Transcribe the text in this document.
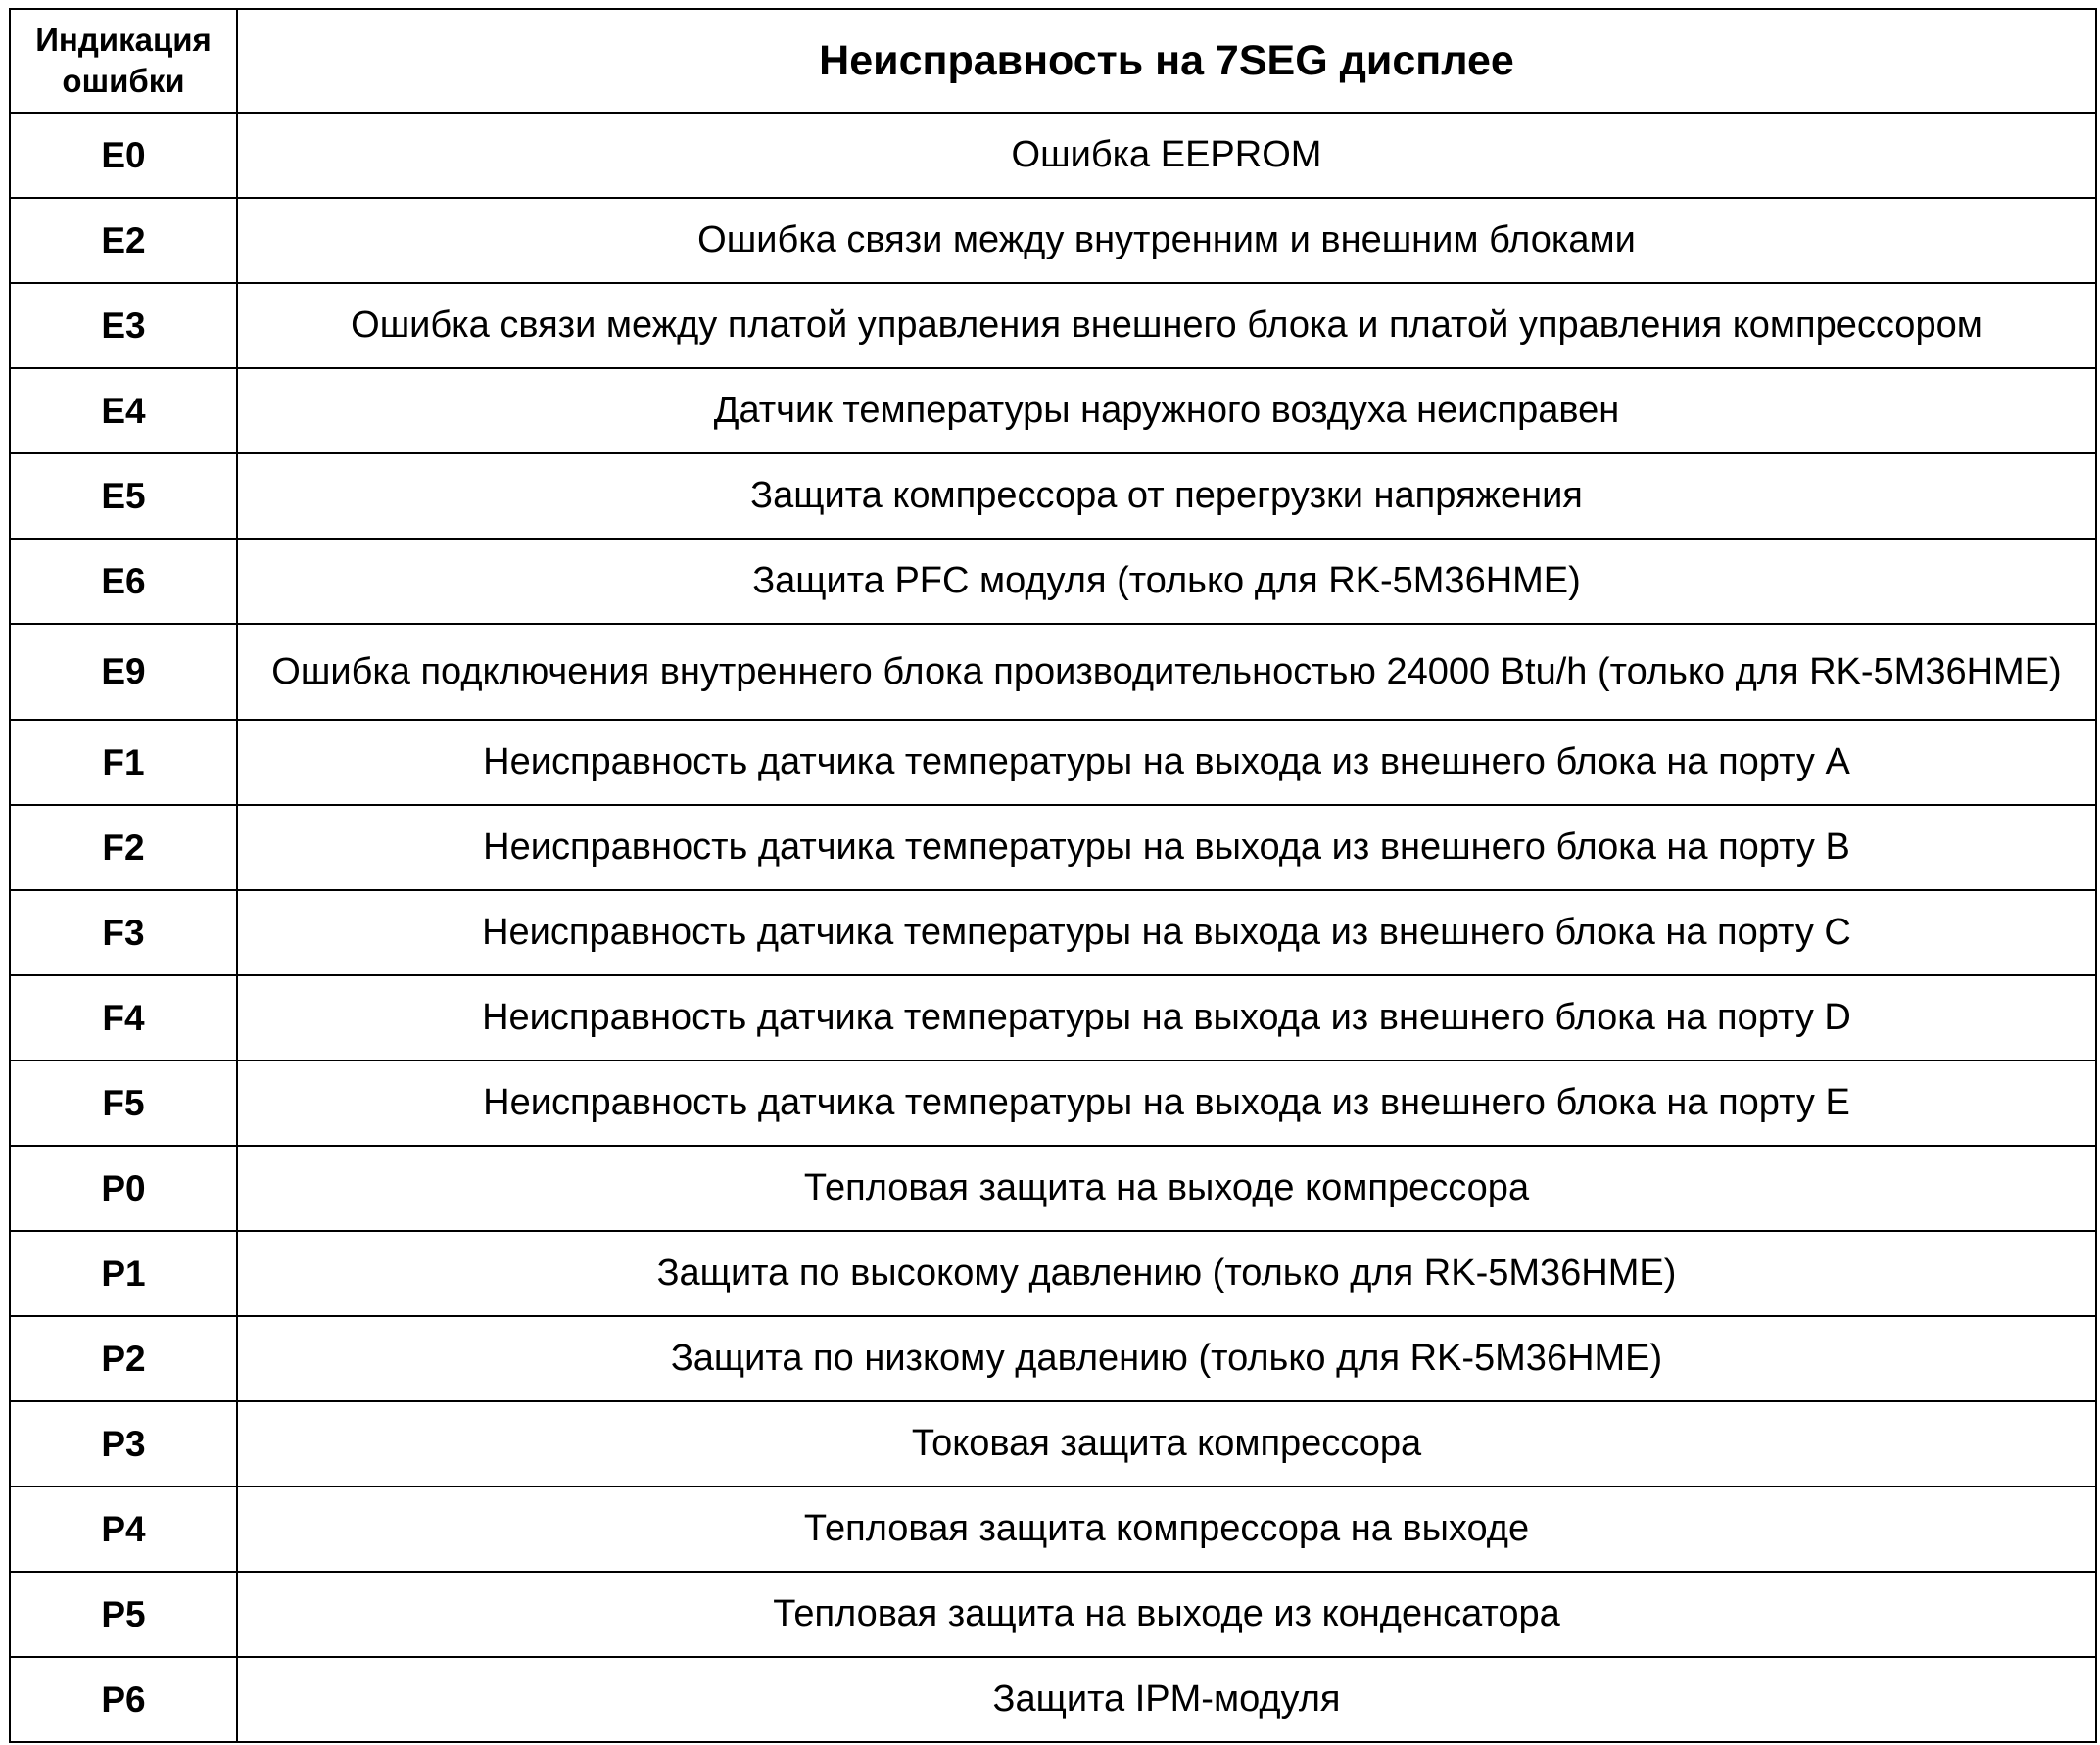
Индикация ошибки	Неисправность на 7SEG дисплее
E0	Ошибка EEPROM
E2	Ошибка связи между внутренним и внешним блоками
E3	Ошибка связи между платой управления внешнего блока и платой управления компрессором
E4	Датчик температуры наружного воздуха неисправен
E5	Защита компрессора от перегрузки напряжения
E6	Защита PFC модуля (только для RK-5M36HME)
E9	Ошибка подключения внутреннего блока производительностью 24000 Btu/h (только для RK-5M36HME)
F1	Неисправность датчика температуры на выхода из внешнего блока на порту A
F2	Неисправность датчика температуры на выхода из внешнего блока на порту B
F3	Неисправность датчика температуры на выхода из внешнего блока на порту C
F4	Неисправность датчика температуры на выхода из внешнего блока на порту D
F5	Неисправность датчика температуры на выхода из внешнего блока на порту E
P0	Тепловая защита на выходе компрессора
P1	Защита по высокому давлению (только для RK-5M36HME)
P2	Защита по низкому давлению (только для RK-5M36HME)
P3	Токовая защита компрессора
P4	Тепловая защита компрессора на выходе
P5	Тепловая защита на выходе из конденсатора
P6	Защита IPM-модуля
